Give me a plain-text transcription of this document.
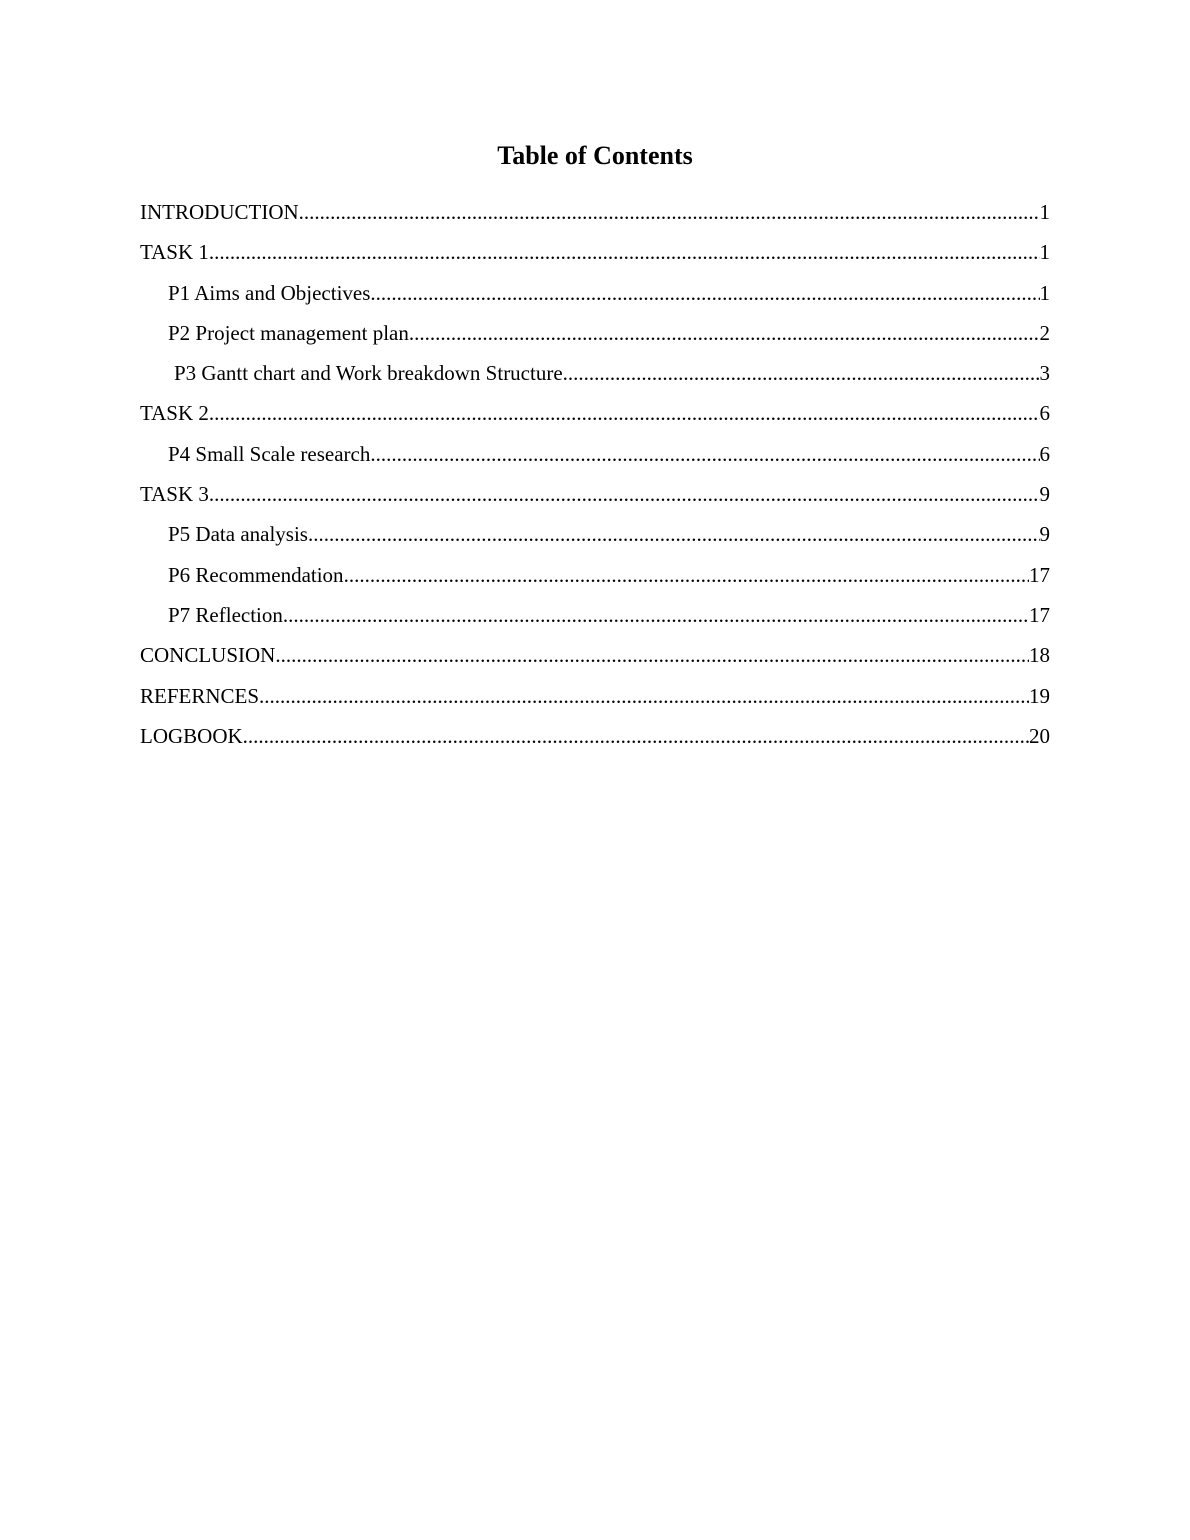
Table of Contents
INTRODUCTION .....	1
TASK 1 .....	1
P1 Aims and Objectives .....	1
P2 Project management plan .....	2
P3 Gantt chart and Work breakdown Structure .....	3
TASK 2 .....	6
P4 Small Scale research .....	6
TASK 3 .....	9
P5 Data analysis .....	9
P6 Recommendation .....	17
P7 Reflection .....	17
CONCLUSION .....	18
REFERNCES .....	19
LOGBOOK .....	20
